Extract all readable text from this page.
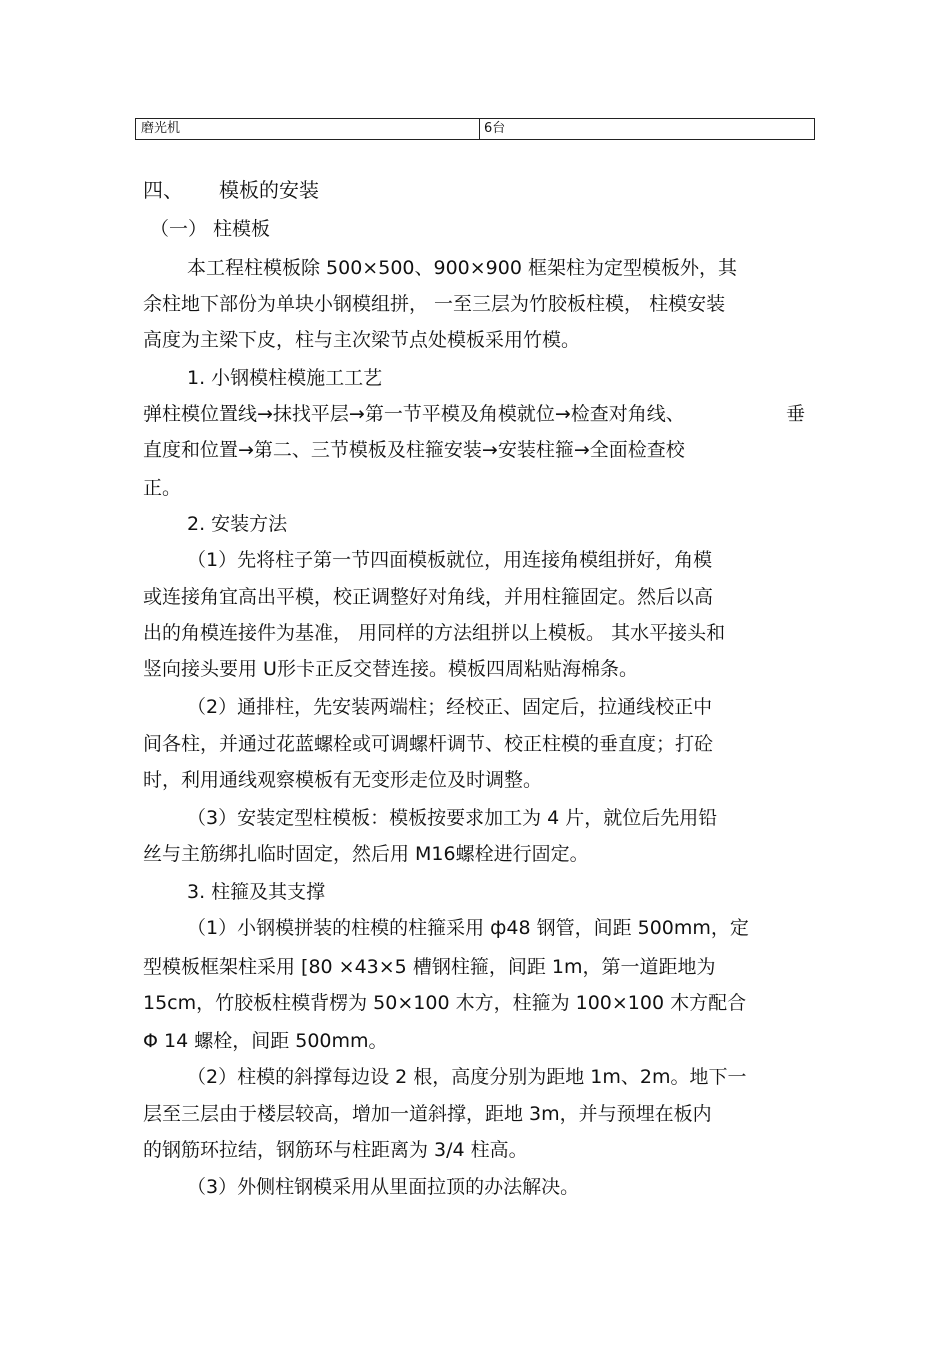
磨光机	6台
四、 模板的安装
（一） 柱模板
本工程柱模板除 500×500、900×900 框架柱为定型模板外，其
余柱地下部份为单块小钢模组拼， 一至三层为竹胶板柱模， 柱模安装
高度为主梁下皮，柱与主次梁节点处模板采用竹模。
1. 小钢模柱模施工工艺
弹柱模位置线→抹找平层→第一节平模及角模就位→检查对角线、	垂
直度和位置→第二、三节模板及柱箍安装→安装柱箍→全面检查校
正。
2. 安装方法
（1）先将柱子第一节四面模板就位，用连接角模组拼好，角模
或连接角宜高出平模，校正调整好对角线，并用柱箍固定。然后以高
出的角模连接件为基准， 用同样的方法组拼以上模板。 其水平接头和
竖向接头要用 U形卡正反交替连接。模板四周粘贴海棉条。
（2）通排柱，先安装两端柱；经校正、固定后，拉通线校正中
间各柱，并通过花蓝螺栓或可调螺杆调节、校正柱模的垂直度；打砼
时，利用通线观察模板有无变形走位及时调整。
（3）安装定型柱模板：模板按要求加工为 4 片，就位后先用铅
丝与主筋绑扎临时固定，然后用 M16螺栓进行固定。
3. 柱箍及其支撑
（1）小钢模拼装的柱模的柱箍采用 ф48 钢管，间距 500mm，定
型模板框架柱采用 [80 ×43×5 槽钢柱箍，间距 1m，第一道距地为
15cm，竹胶板柱模背楞为 50×100 木方，柱箍为 100×100 木方配合
Φ 14 螺栓，间距 500mm。
（2）柱模的斜撑每边设 2 根，高度分别为距地 1m、2m。地下一
层至三层由于楼层较高，增加一道斜撑，距地 3m，并与预埋在板内
的钢筋环拉结，钢筋环与柱距离为 3/4 柱高。
（3）外侧柱钢模采用从里面拉顶的办法解决。
